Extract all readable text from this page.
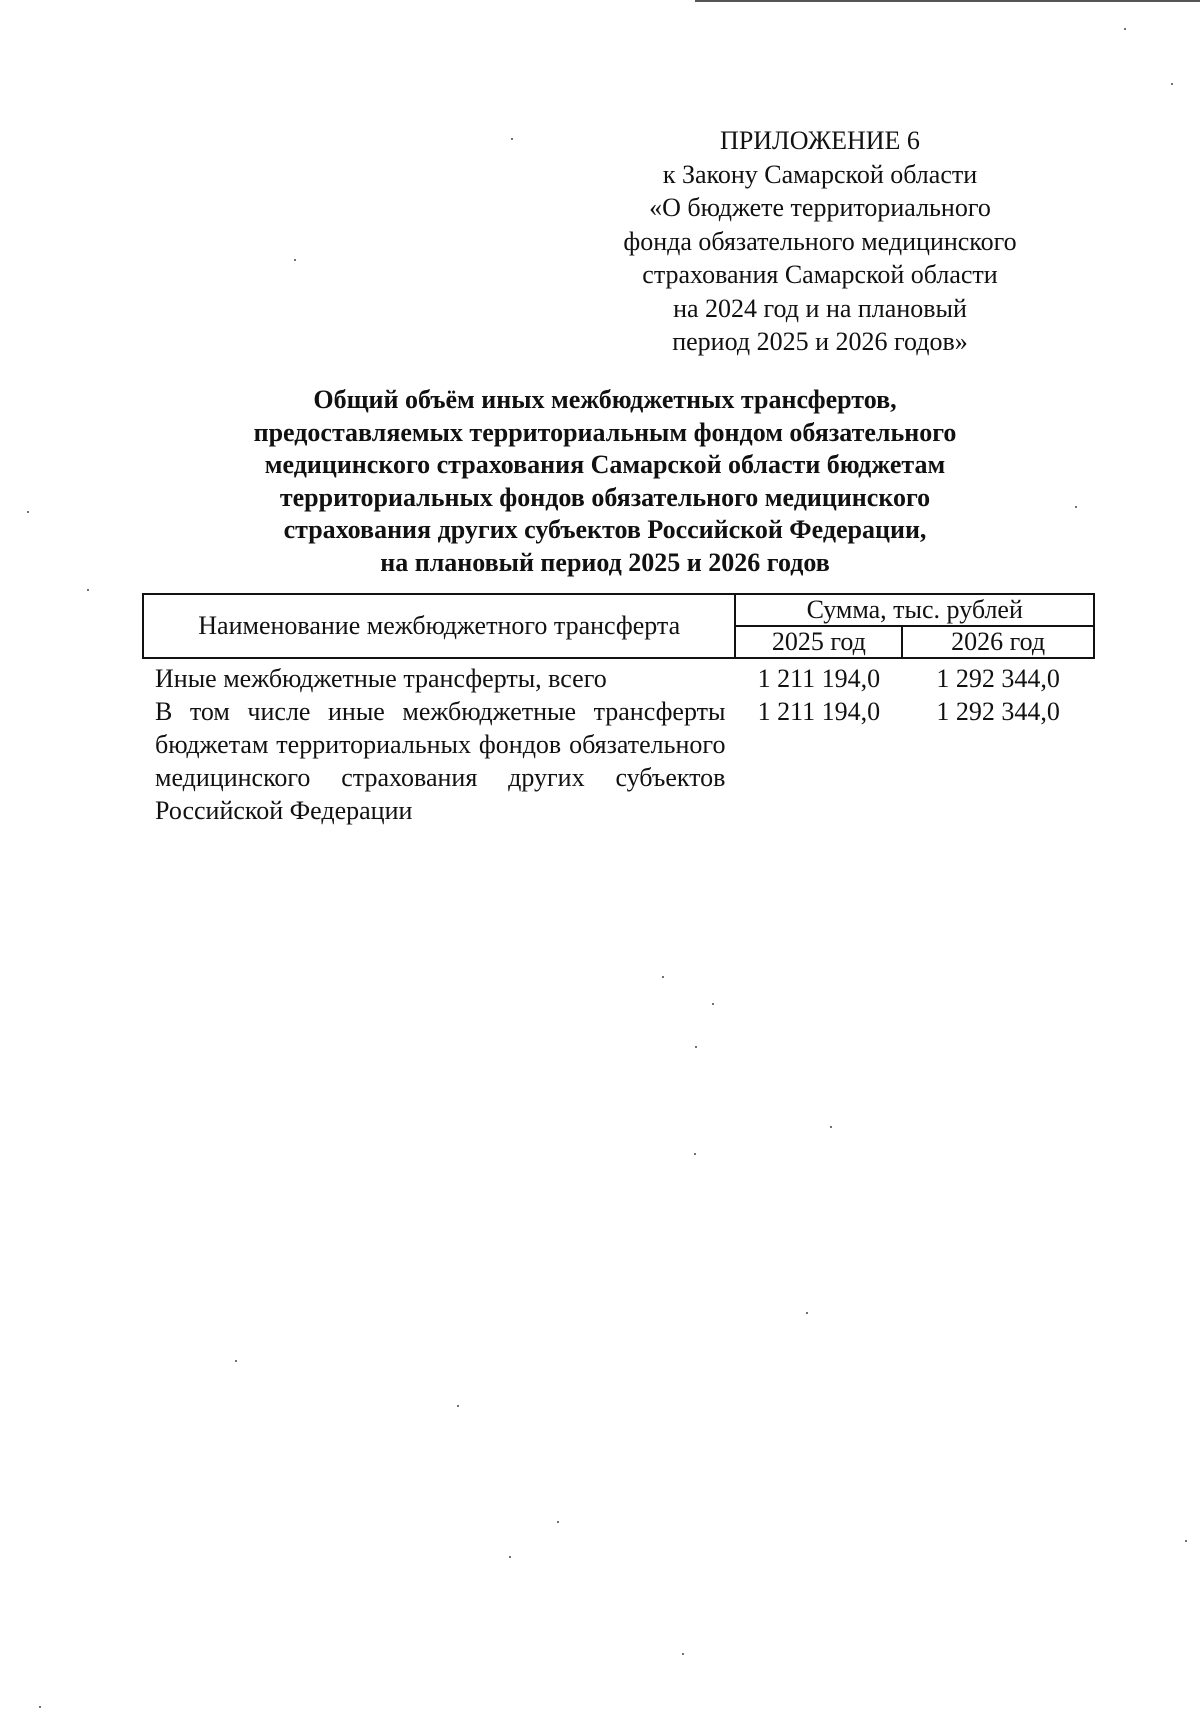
ПРИЛОЖЕНИЕ 6
к Закону Самарской области
«О бюджете территориального
фонда обязательного медицинского
страхования Самарской области
на 2024 год и на плановый
период 2025 и 2026 годов»
Общий объём иных межбюджетных трансфертов,
предоставляемых территориальным фондом обязательного
медицинского страхования Самарской области бюджетам
территориальных фондов обязательного медицинского
страхования других субъектов Российской Федерации,
на плановый период 2025 и 2026 годов
Наименование межбюджетного трансферта	Сумма, тыс. рублей	
	2025 год	2026 год
Иные межбюджетные трансферты, всего	1 211 194,0	1 292 344,0
В том числе иные межбюджетные трансферты бюджетам территориальных фондов обязательного медицинского страхования других субъектов Российской Федерации	1 211 194,0	1 292 344,0
